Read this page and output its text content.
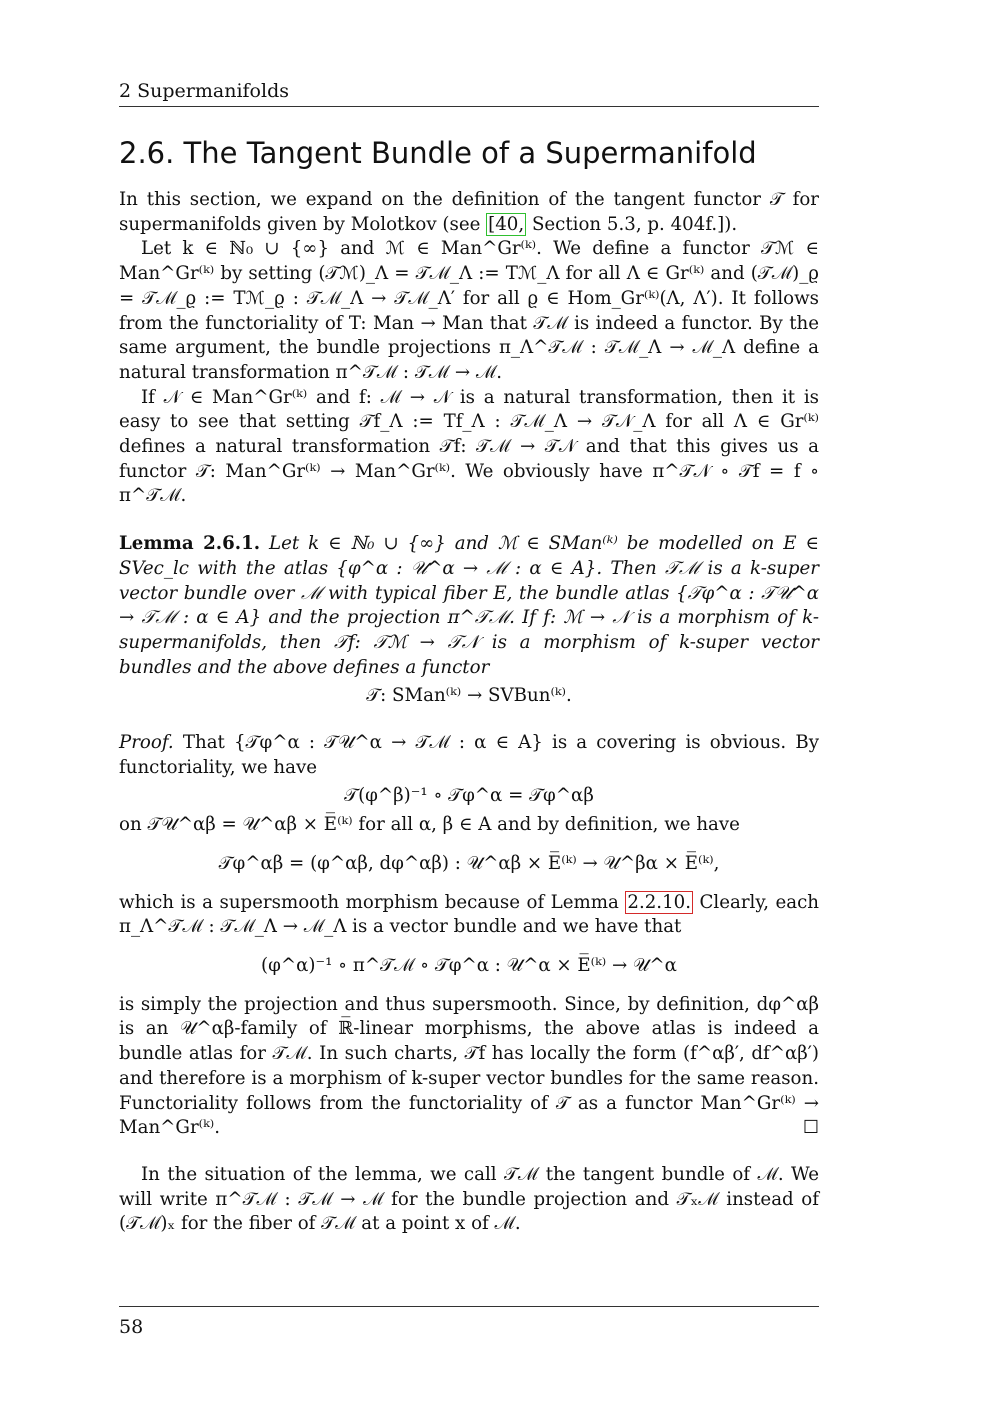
2 Supermanifolds
2.6. The Tangent Bundle of a Supermanifold

In this section, we expand on the definition of the tangent functor 𝒯 for supermanifolds given by Molotkov (see [40, Section 5.3, p. 404f.]).

Let k ∈ ℕ₀ ∪ {∞} and ℳ ∈ Man^Gr⁽ᵏ⁾. We define a functor 𝒯ℳ ∈ Man^Gr⁽ᵏ⁾ by setting (𝒯ℳ)_Λ = 𝒯ℳ_Λ := Tℳ_Λ for all Λ ∈ Gr⁽ᵏ⁾ and (𝒯ℳ)_ϱ = 𝒯ℳ_ϱ := Tℳ_ϱ : 𝒯ℳ_Λ → 𝒯ℳ_Λ′ for all ϱ ∈ Hom_Gr⁽ᵏ⁾(Λ, Λ′). It follows from the functoriality of T: Man → Man that 𝒯ℳ is indeed a functor. By the same argument, the bundle projections π_Λ^𝒯ℳ : 𝒯ℳ_Λ → ℳ_Λ define a natural transformation π^𝒯ℳ : 𝒯ℳ → ℳ.

If 𝒩 ∈ Man^Gr⁽ᵏ⁾ and f: ℳ → 𝒩 is a natural transformation, then it is easy to see that setting 𝒯f_Λ := Tf_Λ : 𝒯ℳ_Λ → 𝒯𝒩_Λ for all Λ ∈ Gr⁽ᵏ⁾ defines a natural transformation 𝒯f: 𝒯ℳ → 𝒯𝒩 and that this gives us a functor 𝒯: Man^Gr⁽ᵏ⁾ → Man^Gr⁽ᵏ⁾. We obviously have π^𝒯𝒩 ∘ 𝒯f = f ∘ π^𝒯ℳ.

Lemma 2.6.1. Let k ∈ ℕ₀ ∪ {∞} and ℳ ∈ SMan⁽ᵏ⁾ be modelled on E ∈ SVec_lc with the atlas {φ^α : 𝒰^α → ℳ : α ∈ A}. Then 𝒯ℳ is a k-super vector bundle over ℳ with typical fiber E, the bundle atlas {𝒯φ^α : 𝒯𝒰^α → 𝒯ℳ : α ∈ A} and the projection π^𝒯ℳ. If f: ℳ → 𝒩 is a morphism of k-supermanifolds, then 𝒯f: 𝒯ℳ → 𝒯𝒩 is a morphism of k-super vector bundles and the above defines a functor

𝒯: SMan⁽ᵏ⁾ → SVBun⁽ᵏ⁾.

Proof. That {𝒯φ^α : 𝒯𝒰^α → 𝒯ℳ : α ∈ A} is a covering is obvious. By functoriality, we have

𝒯(φ^β)⁻¹ ∘ 𝒯φ^α = 𝒯φ^αβ

on 𝒯𝒰^αβ = 𝒰^αβ × E̅⁽ᵏ⁾ for all α, β ∈ A and by definition, we have

𝒯φ^αβ = (φ^αβ, dφ^αβ) : 𝒰^αβ × E̅⁽ᵏ⁾ → 𝒰^βα × E̅⁽ᵏ⁾,

which is a supersmooth morphism because of Lemma 2.2.10. Clearly, each π_Λ^𝒯ℳ : 𝒯ℳ_Λ → ℳ_Λ is a vector bundle and we have that

(φ^α)⁻¹ ∘ π^𝒯ℳ ∘ 𝒯φ^α : 𝒰^α × E̅⁽ᵏ⁾ → 𝒰^α

is simply the projection and thus supersmooth. Since, by definition, dφ^αβ is an 𝒰^αβ-family of ℝ̅-linear morphisms, the above atlas is indeed a bundle atlas for 𝒯ℳ. In such charts, 𝒯f has locally the form (f^αβ′, df^αβ′) and therefore is a morphism of k-super vector bundles for the same reason. Functoriality follows from the functoriality of 𝒯 as a functor Man^Gr⁽ᵏ⁾ → Man^Gr⁽ᵏ⁾.	☐

In the situation of the lemma, we call 𝒯ℳ the tangent bundle of ℳ. We will write π^𝒯ℳ : 𝒯ℳ → ℳ for the bundle projection and 𝒯ₓℳ instead of (𝒯ℳ)ₓ for the fiber of 𝒯ℳ at a point x of ℳ.

58
